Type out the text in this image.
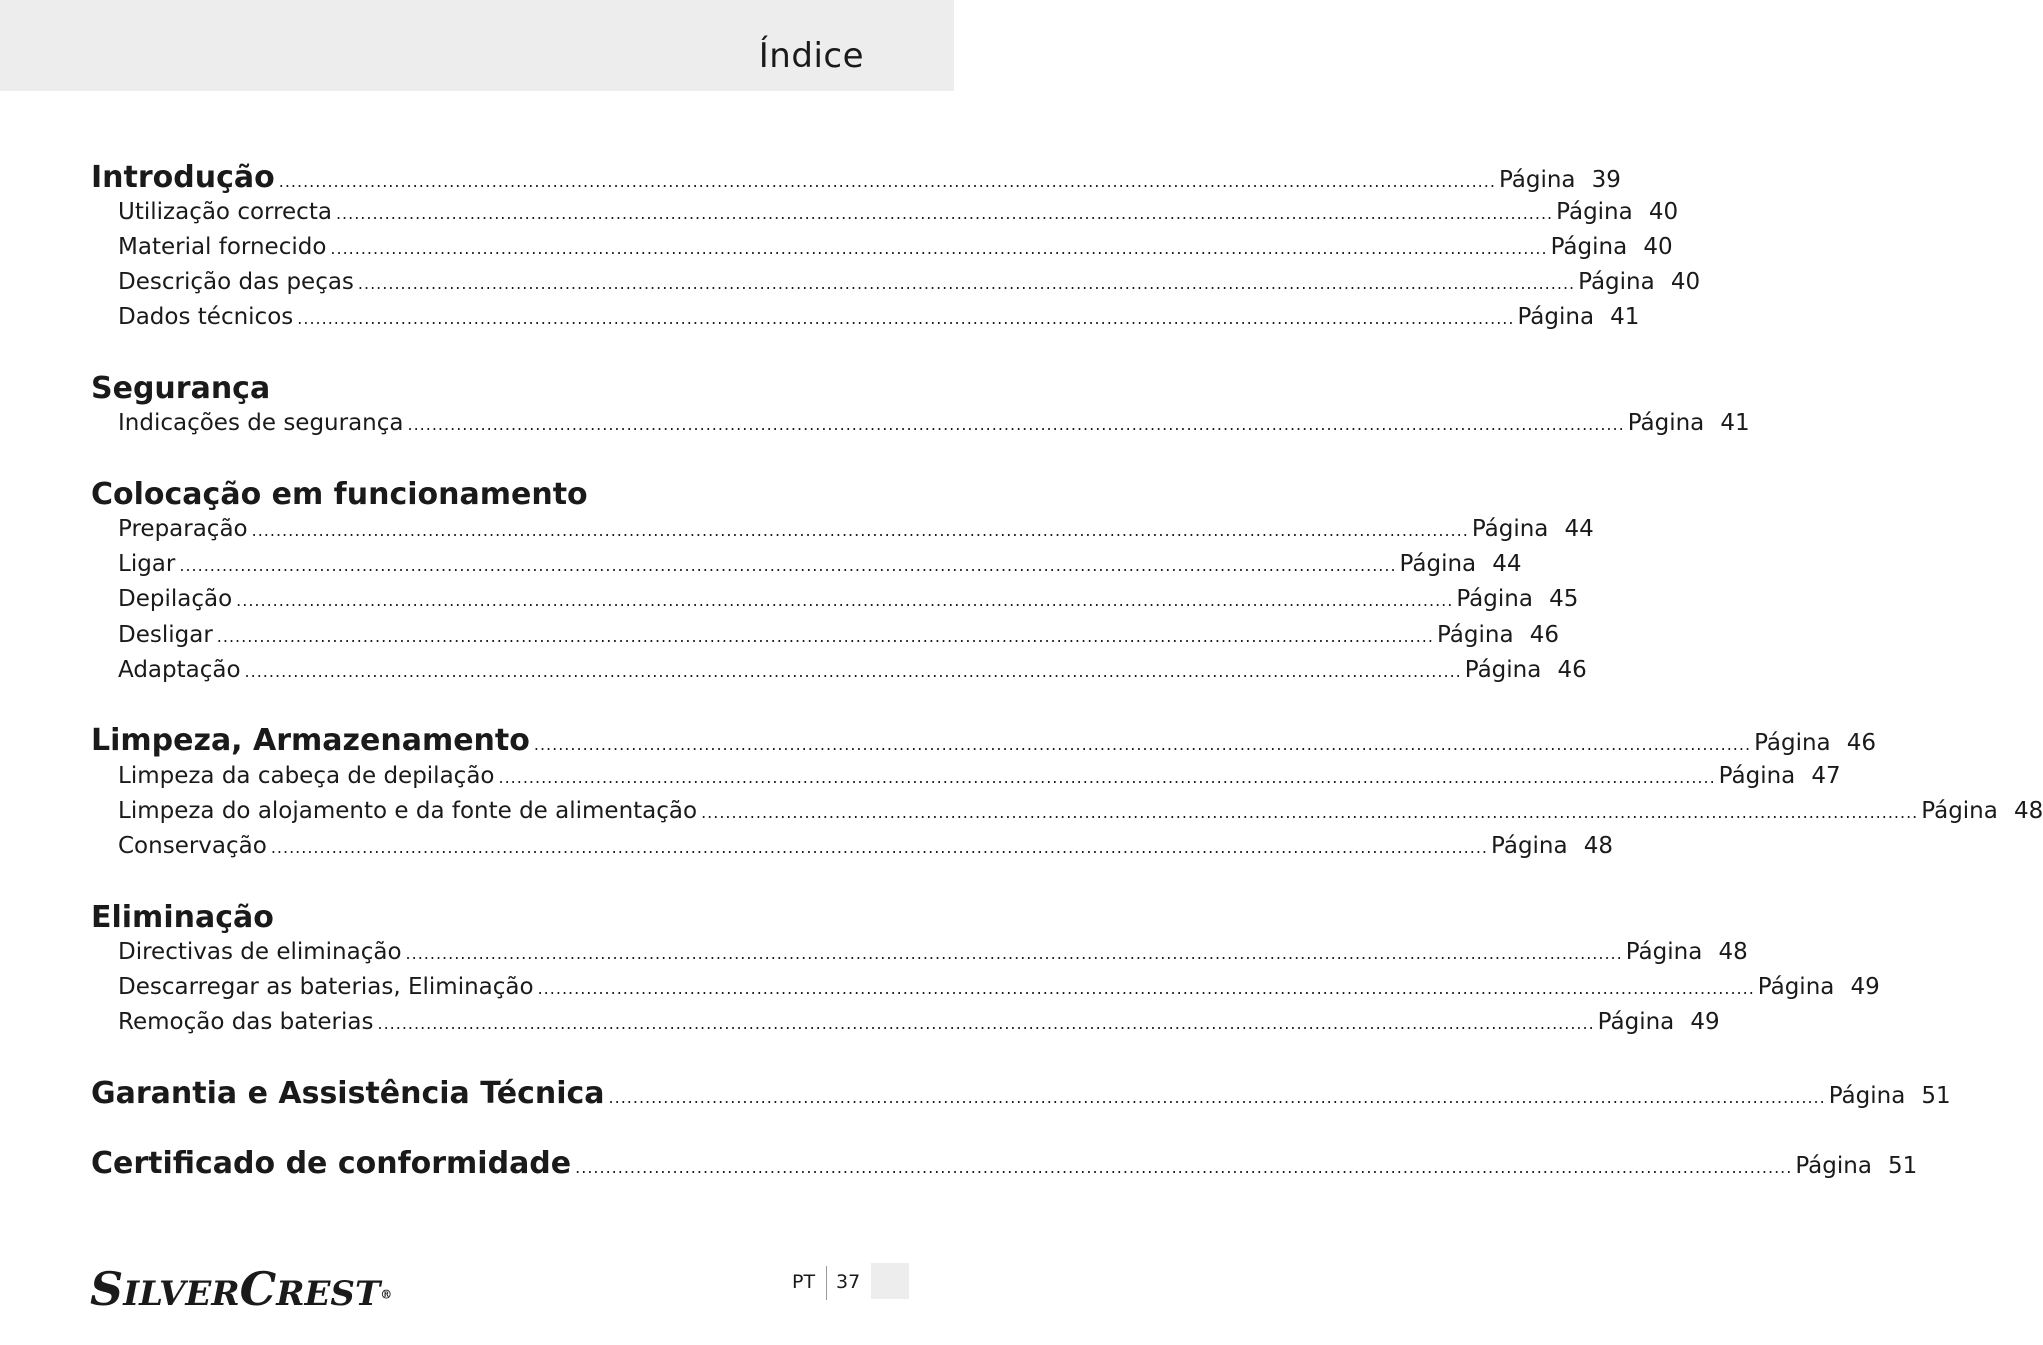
Índice
Introdução ........................................................................................................................................................................................................ Página 39
Utilização correcta ........................................................................................................................................................................................................ Página 40
Material fornecido ........................................................................................................................................................................................................ Página 40
Descrição das peças ........................................................................................................................................................................................................ Página 40
Dados técnicos ........................................................................................................................................................................................................ Página 41
Segurança
Indicações de segurança ........................................................................................................................................................................................................ Página 41
Colocação em funcionamento
Preparação ........................................................................................................................................................................................................ Página 44
Ligar ........................................................................................................................................................................................................ Página 44
Depilação ........................................................................................................................................................................................................ Página 45
Desligar ........................................................................................................................................................................................................ Página 46
Adaptação ........................................................................................................................................................................................................ Página 46
Limpeza, Armazenamento ........................................................................................................................................................................................................ Página 46
Limpeza da cabeça de depilação ........................................................................................................................................................................................................ Página 47
Limpeza do alojamento e da fonte de alimentação ........................................................................................................................................................................................................ Página 48
Conservação ........................................................................................................................................................................................................ Página 48
Eliminação
Directivas de eliminação ........................................................................................................................................................................................................ Página 48
Descarregar as baterias, Eliminação ........................................................................................................................................................................................................ Página 49
Remoção das baterias ........................................................................................................................................................................................................ Página 49
Garantia e Assistência Técnica ........................................................................................................................................................................................................ Página 51
Certificado de conformidade ........................................................................................................................................................................................................ Página 51
SILVERCREST®
PT 37
